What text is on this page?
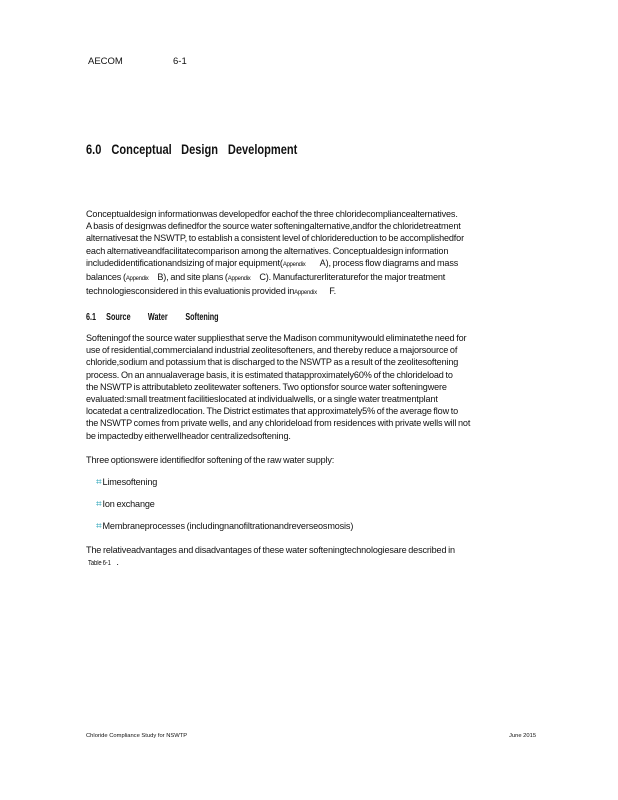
AECOM	6-1
6.0 Conceptual Design Development

Conceptualdesign informationwas developedfor eachof the three chloridecompliancealternatives.

A basis of designwas definedfor the source water softeningalternative,andfor the chloridetreatment

alternativesat the NSWTP, to establish a consistent level of chloridereduction to be accomplishedfor

each alternativeandfacilitatecomparison among the alternatives. Conceptualdesign information

includedidentificationandsizing of major equipment(Appendix A), process flow diagrams and mass

balances (Appendix B), and site plans (Appendix C). Manufacturerliteraturefor the major treatment

technologiesconsidered in this evaluationis provided inAppendix F.

6.1 Source Water Softening

Softeningof the source water suppliesthat serve the Madison communitywould eliminatethe need for

use of residential,commercialand industrial zeolitesofteners, and thereby reduce a majorsource of

chloride,sodium and potassium that is discharged to the NSWTP as a result of the zeolitesoftening

process. On an annualaverage basis, it is estimated thatapproximately60% of the chlorideload to

the NSWTP is attributableto zeolitewater softeners. Two optionsfor source water softeningwere

evaluated:small treatment facilitieslocated at individualwells, or a single water treatmentplant

locatedat a centralizedlocation. The District estimates that approximately5% of the average flow to

the NSWTP comes from private wells, and any chlorideload from residences with private wells will not

be impactedby eitherwellheador centralizedsoftening.

Three optionswere identifiedfor softening of the raw water supply:

⌗Limesoftening
⌗Ion exchange
⌗Membraneprocesses (includingnanofiltrationandreverseosmosis)

The relativeadvantages and disadvantages of these water softeningtechnologiesare described in

Table 6-1 .

Chloride Compliance Study for NSWTP	June 2015
